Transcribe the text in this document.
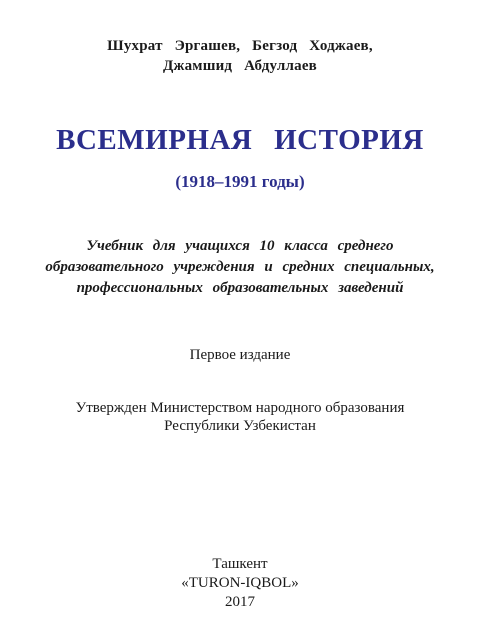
Шухрат Эргашев, Бегзод Ходжаев,
Джамшид Абдуллаев
ВСЕМИРНАЯ ИСТОРИЯ
(1918–1991 годы)
Учебник для учащихся 10 класса среднего
образовательного учреждения и средних специальных,
профессиональных образовательных заведений
Первое издание
Утвержден Министерством народного образования
Республики Узбекистан
Ташкент
«TURON-IQBOL»
2017
